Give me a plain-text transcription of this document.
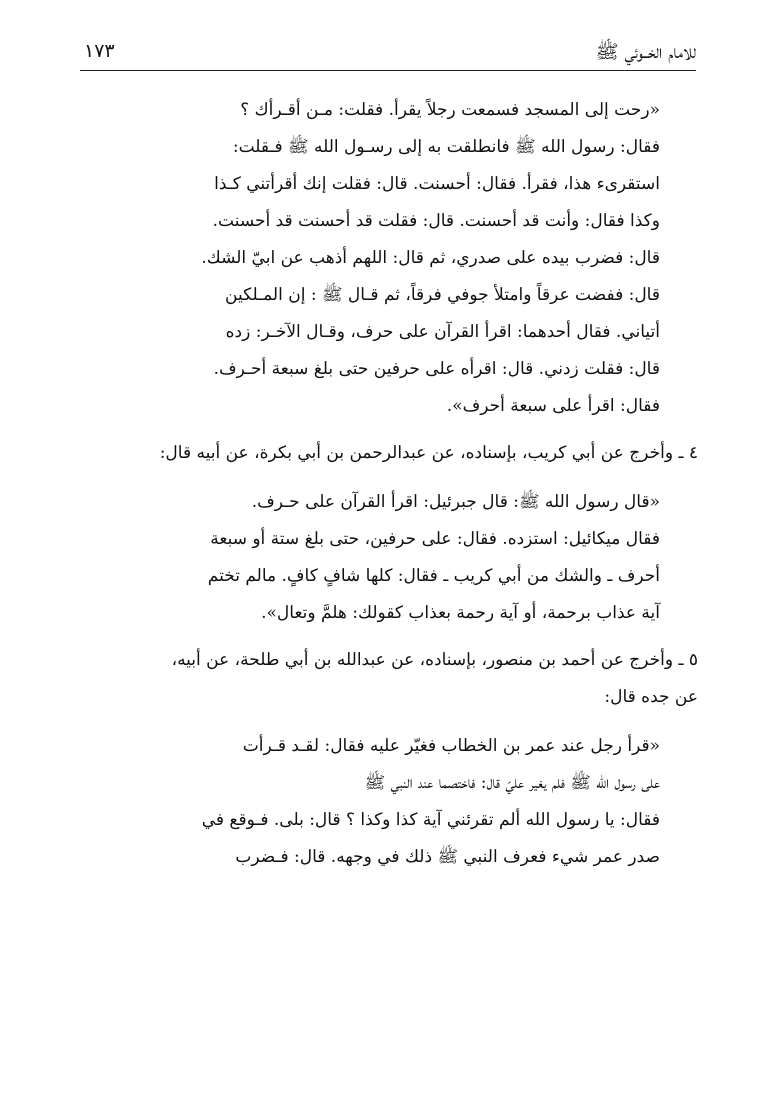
للامام الخــوئي ﷺ
١٧٣
«رحت إلى المسجد فسمعت رجلاً يقرأ. فقلت: مـن أقـرأك ؟
فقال: رسول الله ﷺ فانطلقت به إلى رسـول الله ﷺ فـقلت:
استقرىء هذا، فقرأ. فقال: أحسنت. قال: فقلت إنك أقرأتني كـذا
وكذا فقال: وأنت قد أحسنت. قال: فقلت قد أحسنت قد أحسنت.
قال: فضرب بيده على صدري، ثم قال: اللهم أذهب عن ابيّ الشك.
قال: ففضت عرقاً وامتلأ جوفي فرقاً، ثم قـال ﷺ : إن المـلكين
أتياني. فقال أحدهما: اقرأ القرآن على حرف، وقـال الآخـر: زده
قال: فقلت زدني. قال: اقرأه على حرفين حتى بلغ سبعة أحـرف.
فقال: اقرأ على سبعة أحرف».
٤ ـ وأخرج عن أبي كريب، بإسناده، عن عبدالرحمن بن أبي بكرة، عن أبيه قال:
«قال رسول الله ﷺ: قال جبرئيل: اقرأ القرآن على حـرف.
فقال ميكائيل: استزده. فقال: على حرفين، حتى بلغ ستة أو سبعة
أحرف ـ والشك من أبي كريب ـ فقال: كلها شافٍ كافٍ. مالم تختم
آية عذاب برحمة، أو آية رحمة بعذاب كقولك: هلمَّ وتعال».
٥ ـ وأخرج عن أحمد بن منصور، بإسناده، عن عبدالله بن أبي طلحة، عن أبيه،
عن جده قال:
«قرأ رجل عند عمر بن الخطاب فغيّر عليه فقال: لقـد قـرأت
على رسول الله ﷺ فلم يغير عليّ قال: فاختصما عند النبي ﷺ
فقال: يا رسول الله ألم تقرئني آية كذا وكذا ؟ قال: بلى. فـوقع في
صدر عمر شيء فعرف النبي ﷺ ذلك في وجهه. قال: فـضرب
